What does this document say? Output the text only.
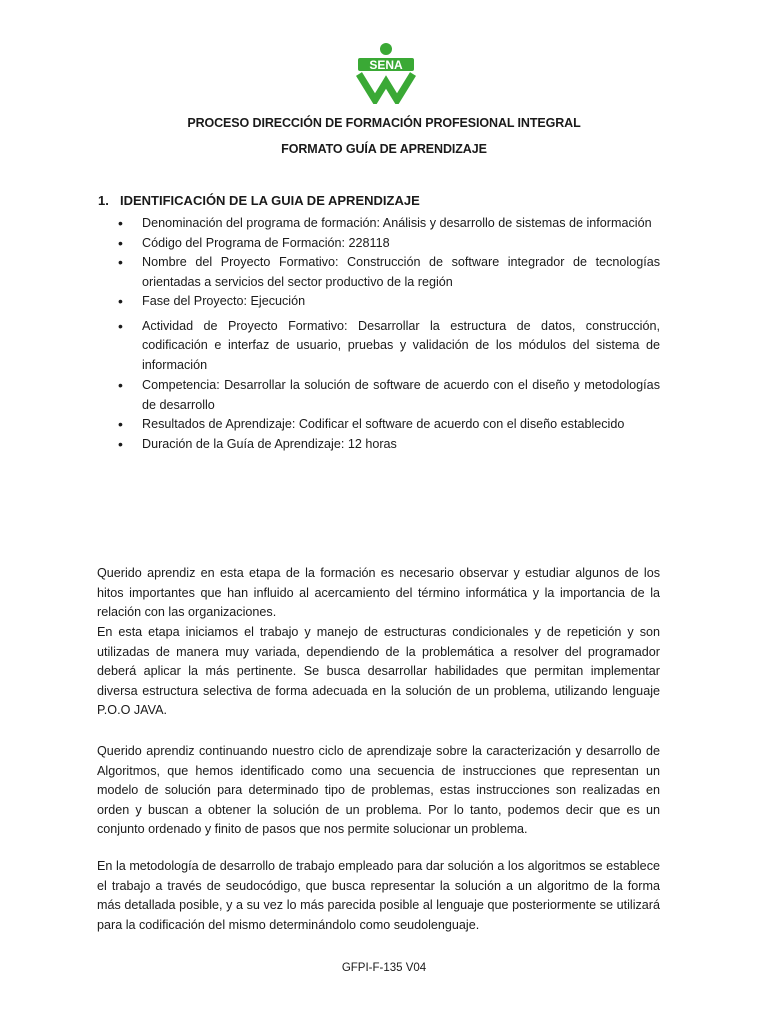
SENA
PROCESO DIRECCIÓN DE FORMACIÓN PROFESIONAL INTEGRAL
FORMATO GUÍA DE APRENDIZAJE
1. IDENTIFICACIÓN DE LA GUIA DE APRENDIZAJE
• Denominación del programa de formación: Análisis y desarrollo de sistemas de información
• Código del Programa de Formación: 228118
• Nombre del Proyecto Formativo: Construcción de software integrador de tecnologías orientadas a servicios del sector productivo de la región
• Fase del Proyecto: Ejecución
• Actividad de Proyecto Formativo: Desarrollar la estructura de datos, construcción, codificación e interfaz de usuario, pruebas y validación de los módulos del sistema de información
• Competencia: Desarrollar la solución de software de acuerdo con el diseño y metodologías de desarrollo
• Resultados de Aprendizaje: Codificar el software de acuerdo con el diseño establecido
• Duración de la Guía de Aprendizaje: 12 horas

Querido aprendiz en esta etapa de la formación es necesario observar y estudiar algunos de los hitos importantes que han influido al acercamiento del término informática y la importancia de la relación con las organizaciones.

En esta etapa iniciamos el trabajo y manejo de estructuras condicionales y de repetición y son utilizadas de manera muy variada, dependiendo de la problemática a resolver del programador deberá aplicar la más pertinente. Se busca desarrollar habilidades que permitan implementar diversa estructura selectiva de forma adecuada en la solución de un problema, utilizando lenguaje P.O.O JAVA.

Querido aprendiz continuando nuestro ciclo de aprendizaje sobre la caracterización y desarrollo de Algoritmos, que hemos identificado como una secuencia de instrucciones que representan un modelo de solución para determinado tipo de problemas, estas instrucciones son realizadas en orden y buscan a obtener la solución de un problema. Por lo tanto, podemos decir que es un conjunto ordenado y finito de pasos que nos permite solucionar un problema.

En la metodología de desarrollo de trabajo empleado para dar solución a los algoritmos se establece el trabajo a través de seudocódigo, que busca representar la solución a un algoritmo de la forma más detallada posible, y a su vez lo más parecida posible al lenguaje que posteriormente se utilizará para la codificación del mismo determinándolo como seudolenguaje.

GFPI-F-135 V04
